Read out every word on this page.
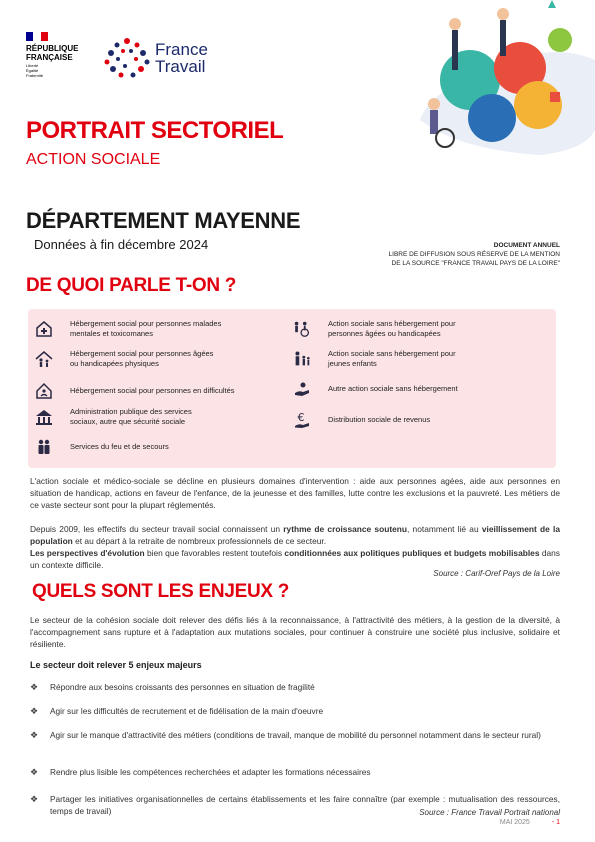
RÉPUBLIQUE
FRANÇAISE
Liberté
Égalité
Fraternité
France
Travail
PORTRAIT SECTORIEL
ACTION SOCIALE
DÉPARTEMENT MAYENNE
Données à fin décembre 2024	DOCUMENT ANNUEL
LIBRE DE DIFFUSION SOUS RÉSERVE DE LA MENTION
DE LA SOURCE "FRANCE TRAVAIL PAYS DE LA LOIRE"
DE QUOI PARLE T-ON ?
Hébergement social pour personnes malades
mentales et toxicomanes
Hébergement social pour personnes âgées
ou handicapées physiques
Hébergement social pour personnes en difficultés
Administration publique des services
sociaux, autre que sécurité sociale
Services du feu et de secours
Action sociale sans hébergement pour
personnes âgées ou handicapées
Action sociale sans hébergement pour
jeunes enfants
Autre action sociale sans hébergement
€	Distribution sociale de revenus
L'action sociale et médico-sociale se décline en plusieurs domaines d'intervention : aide aux personnes agées, aide aux personnes en situation de handicap, actions en faveur de l'enfance, de la jeunesse et des familles, lutte contre les exclusions et la pauvreté. Les métiers de ce vaste secteur sont pour la plupart réglementés.
Depuis 2009, les effectifs du secteur travail social connaissent un rythme de croissance soutenu, notamment lié au vieillissement de la population et au départ à la retraite de nombreux professionnels de ce secteur.
Les perspectives d'évolution bien que favorables restent toutefois conditionnées aux politiques publiques et budgets mobilisables dans un contexte difficile.
Source : Carif-Oref Pays de la Loire
QUELS SONT LES ENJEUX ?
Le secteur de la cohésion sociale doit relever des défis liés à la reconnaissance, à l'attractivité des métiers, à la gestion de la diversité, à l'accompagnement sans rupture et à l'adaptation aux mutations sociales, pour continuer à construire une société plus inclusive, solidaire et résiliente.
Le secteur doit relever 5 enjeux majeurs
❖	Répondre aux besoins croissants des personnes en situation de fragilité
❖	Agir sur les difficultés de recrutement et de fidélisation de la main d'oeuvre
❖	Agir sur le manque d'attractivité des métiers (conditions de travail, manque de mobilité du personnel notamment dans le secteur rural)
❖	Rendre plus lisible les compétences recherchées et adapter les formations nécessaires
❖	Partager les initiatives organisationnelles de certains établissements et les faire connaître (par exemple : mutualisation des ressources, temps de travail)	Source : France Travail Portrait national
MAI 2025	- 1
